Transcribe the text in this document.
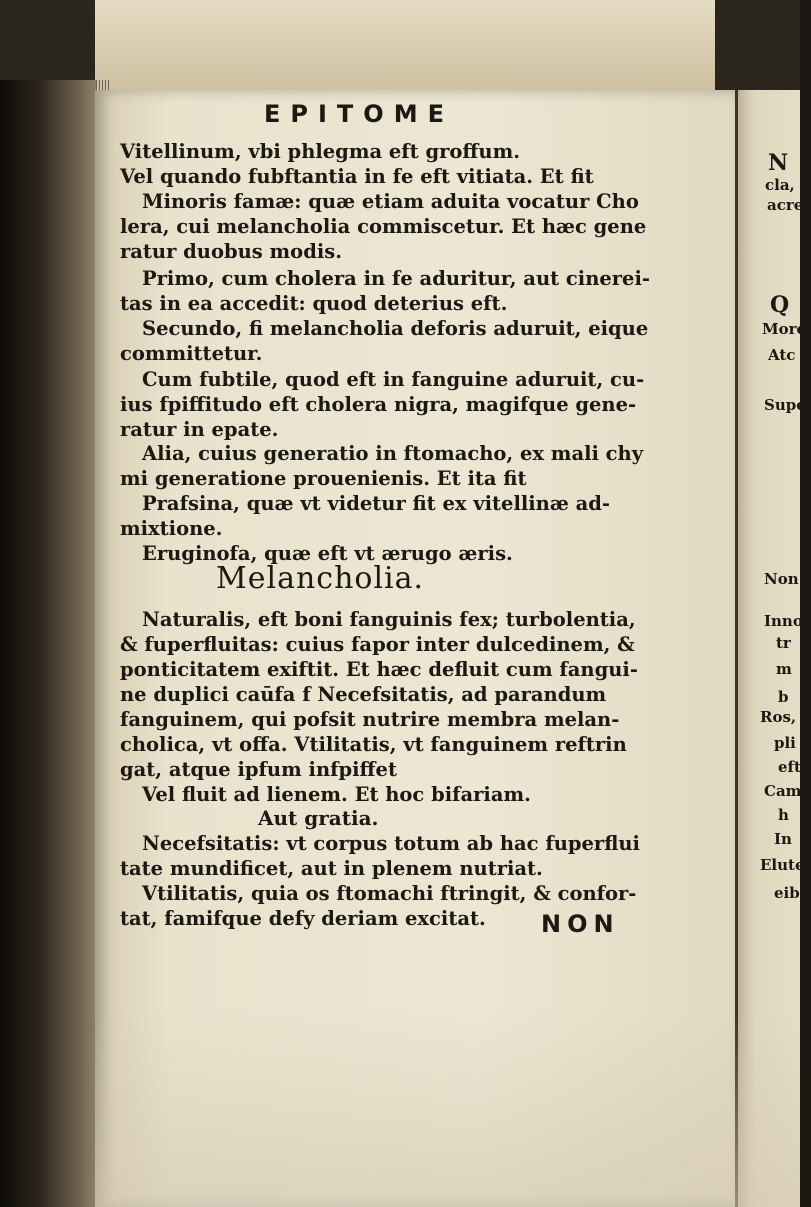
EPITOME
Vitellinum, vbi phlegma eft groffum.
Vel quando fubftantia in fe eft vitiata. Et fit
Minoris famæ: quæ etiam aduita vocatur Cho
lera, cui melancholia commiscetur. Et hæc gene
ratur duobus modis.
Primo, cum cholera in fe aduritur, aut cinerei-
tas in ea accedit: quod deterius eft.
Secundo, fi melancholia deforis aduruit, eique
committetur.
Cum fubtile, quod eft in fanguine aduruit, cu-
ius fpiffitudo eft cholera nigra, magifque gene-
ratur in epate.
Alia, cuius generatio in ftomacho, ex mali chy
mi generatione prouenienis. Et ita fit
Prafsina, quæ vt videtur fit ex vitellinæ ad-
mixtione.
Eruginofa, quæ eft vt ærugo æris.
Melancholia.
Naturalis, eft boni fanguinis fex; turbolentia,
& fuperfluitas: cuius fapor inter dulcedinem, &
ponticitatem exiftit. Et hæc defluit cum fangui-
ne duplici caūfa f Necefsitatis, ad parandum
fanguinem, qui pofsit nutrire membra melan-
cholica, vt offa. Vtilitatis, vt fanguinem reftrin
gat, atque ipfum infpiffet
Vel fluit ad lienem. Et hoc bifariam.
Aut gratia.
Necefsitatis: vt corpus totum ab hac fuperflui
tate mundificet, aut in plenem nutriat.
Vtilitatis, quia os ftomachi ftringit, & confor-
tat, famifque defy deriam excitat. NON
N
cla, p
acre
Q
More
Atc
Supe
Non
Inno
tr
m
b
Ros, e
pli
eft
Cam
h
In
Elute
eib
